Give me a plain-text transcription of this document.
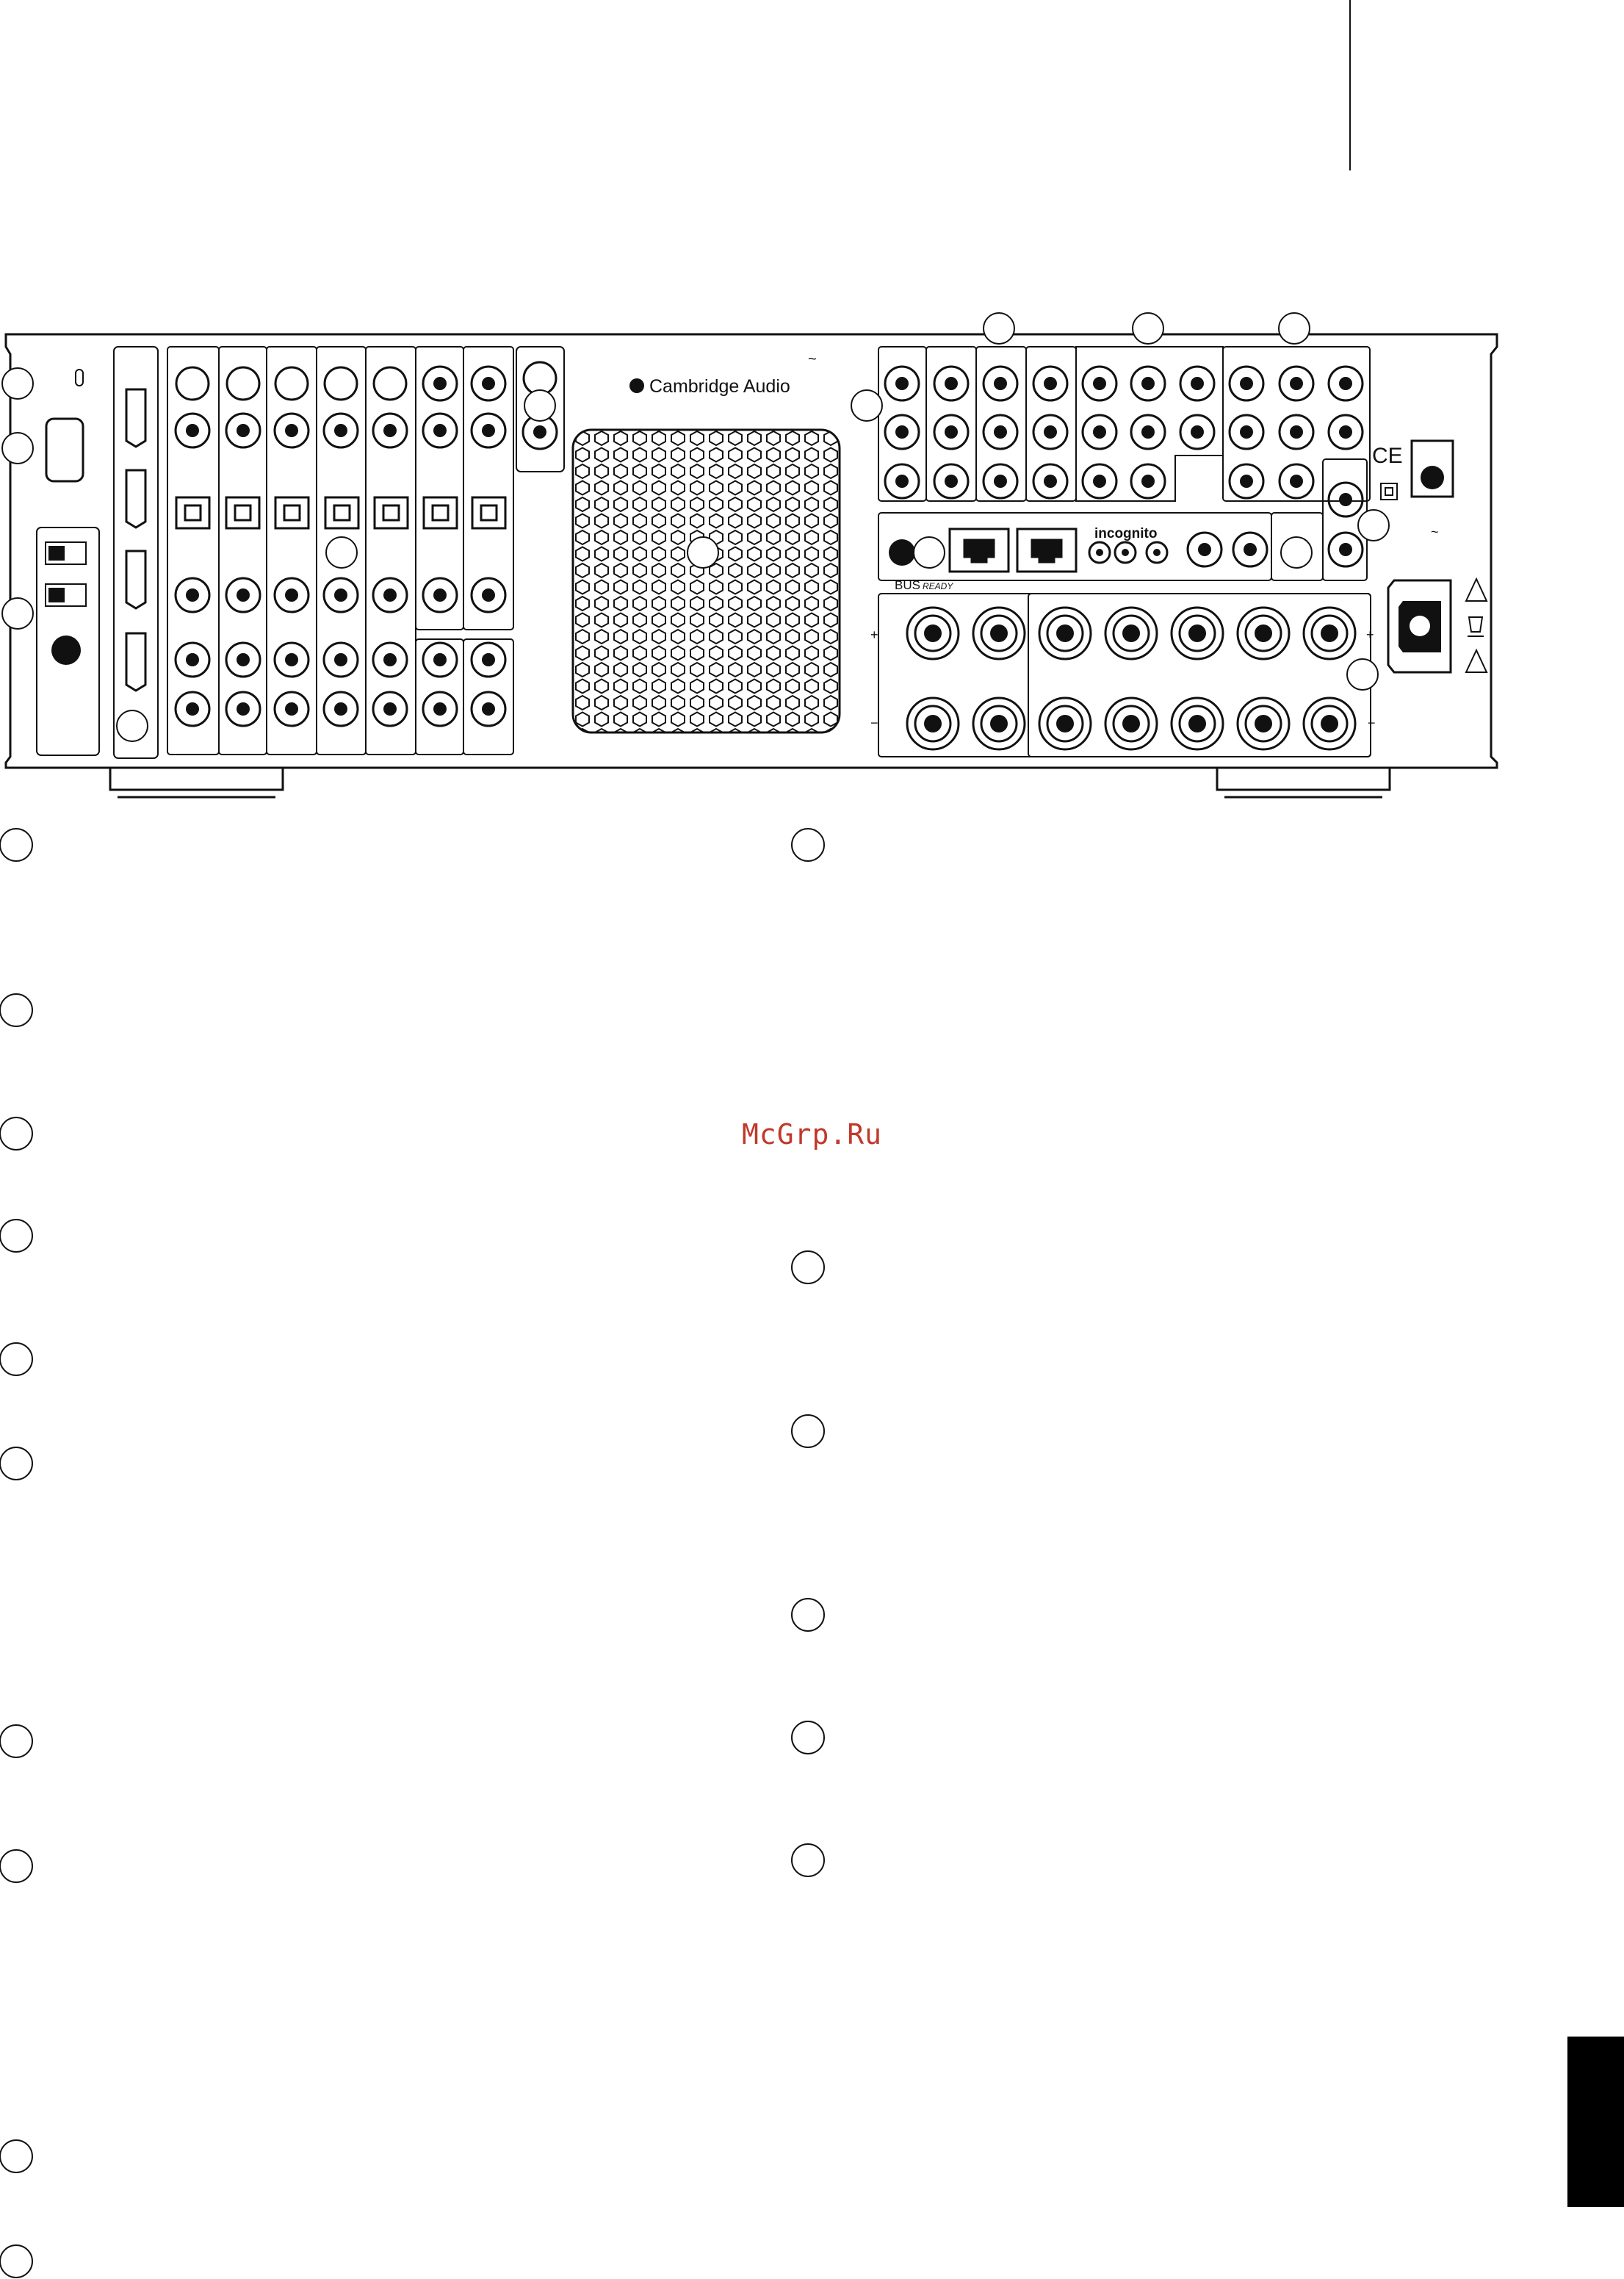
Cambridge Audio
~
incognito
BUS READY
+	+
−	−
CE
~
McGrp.Ru
